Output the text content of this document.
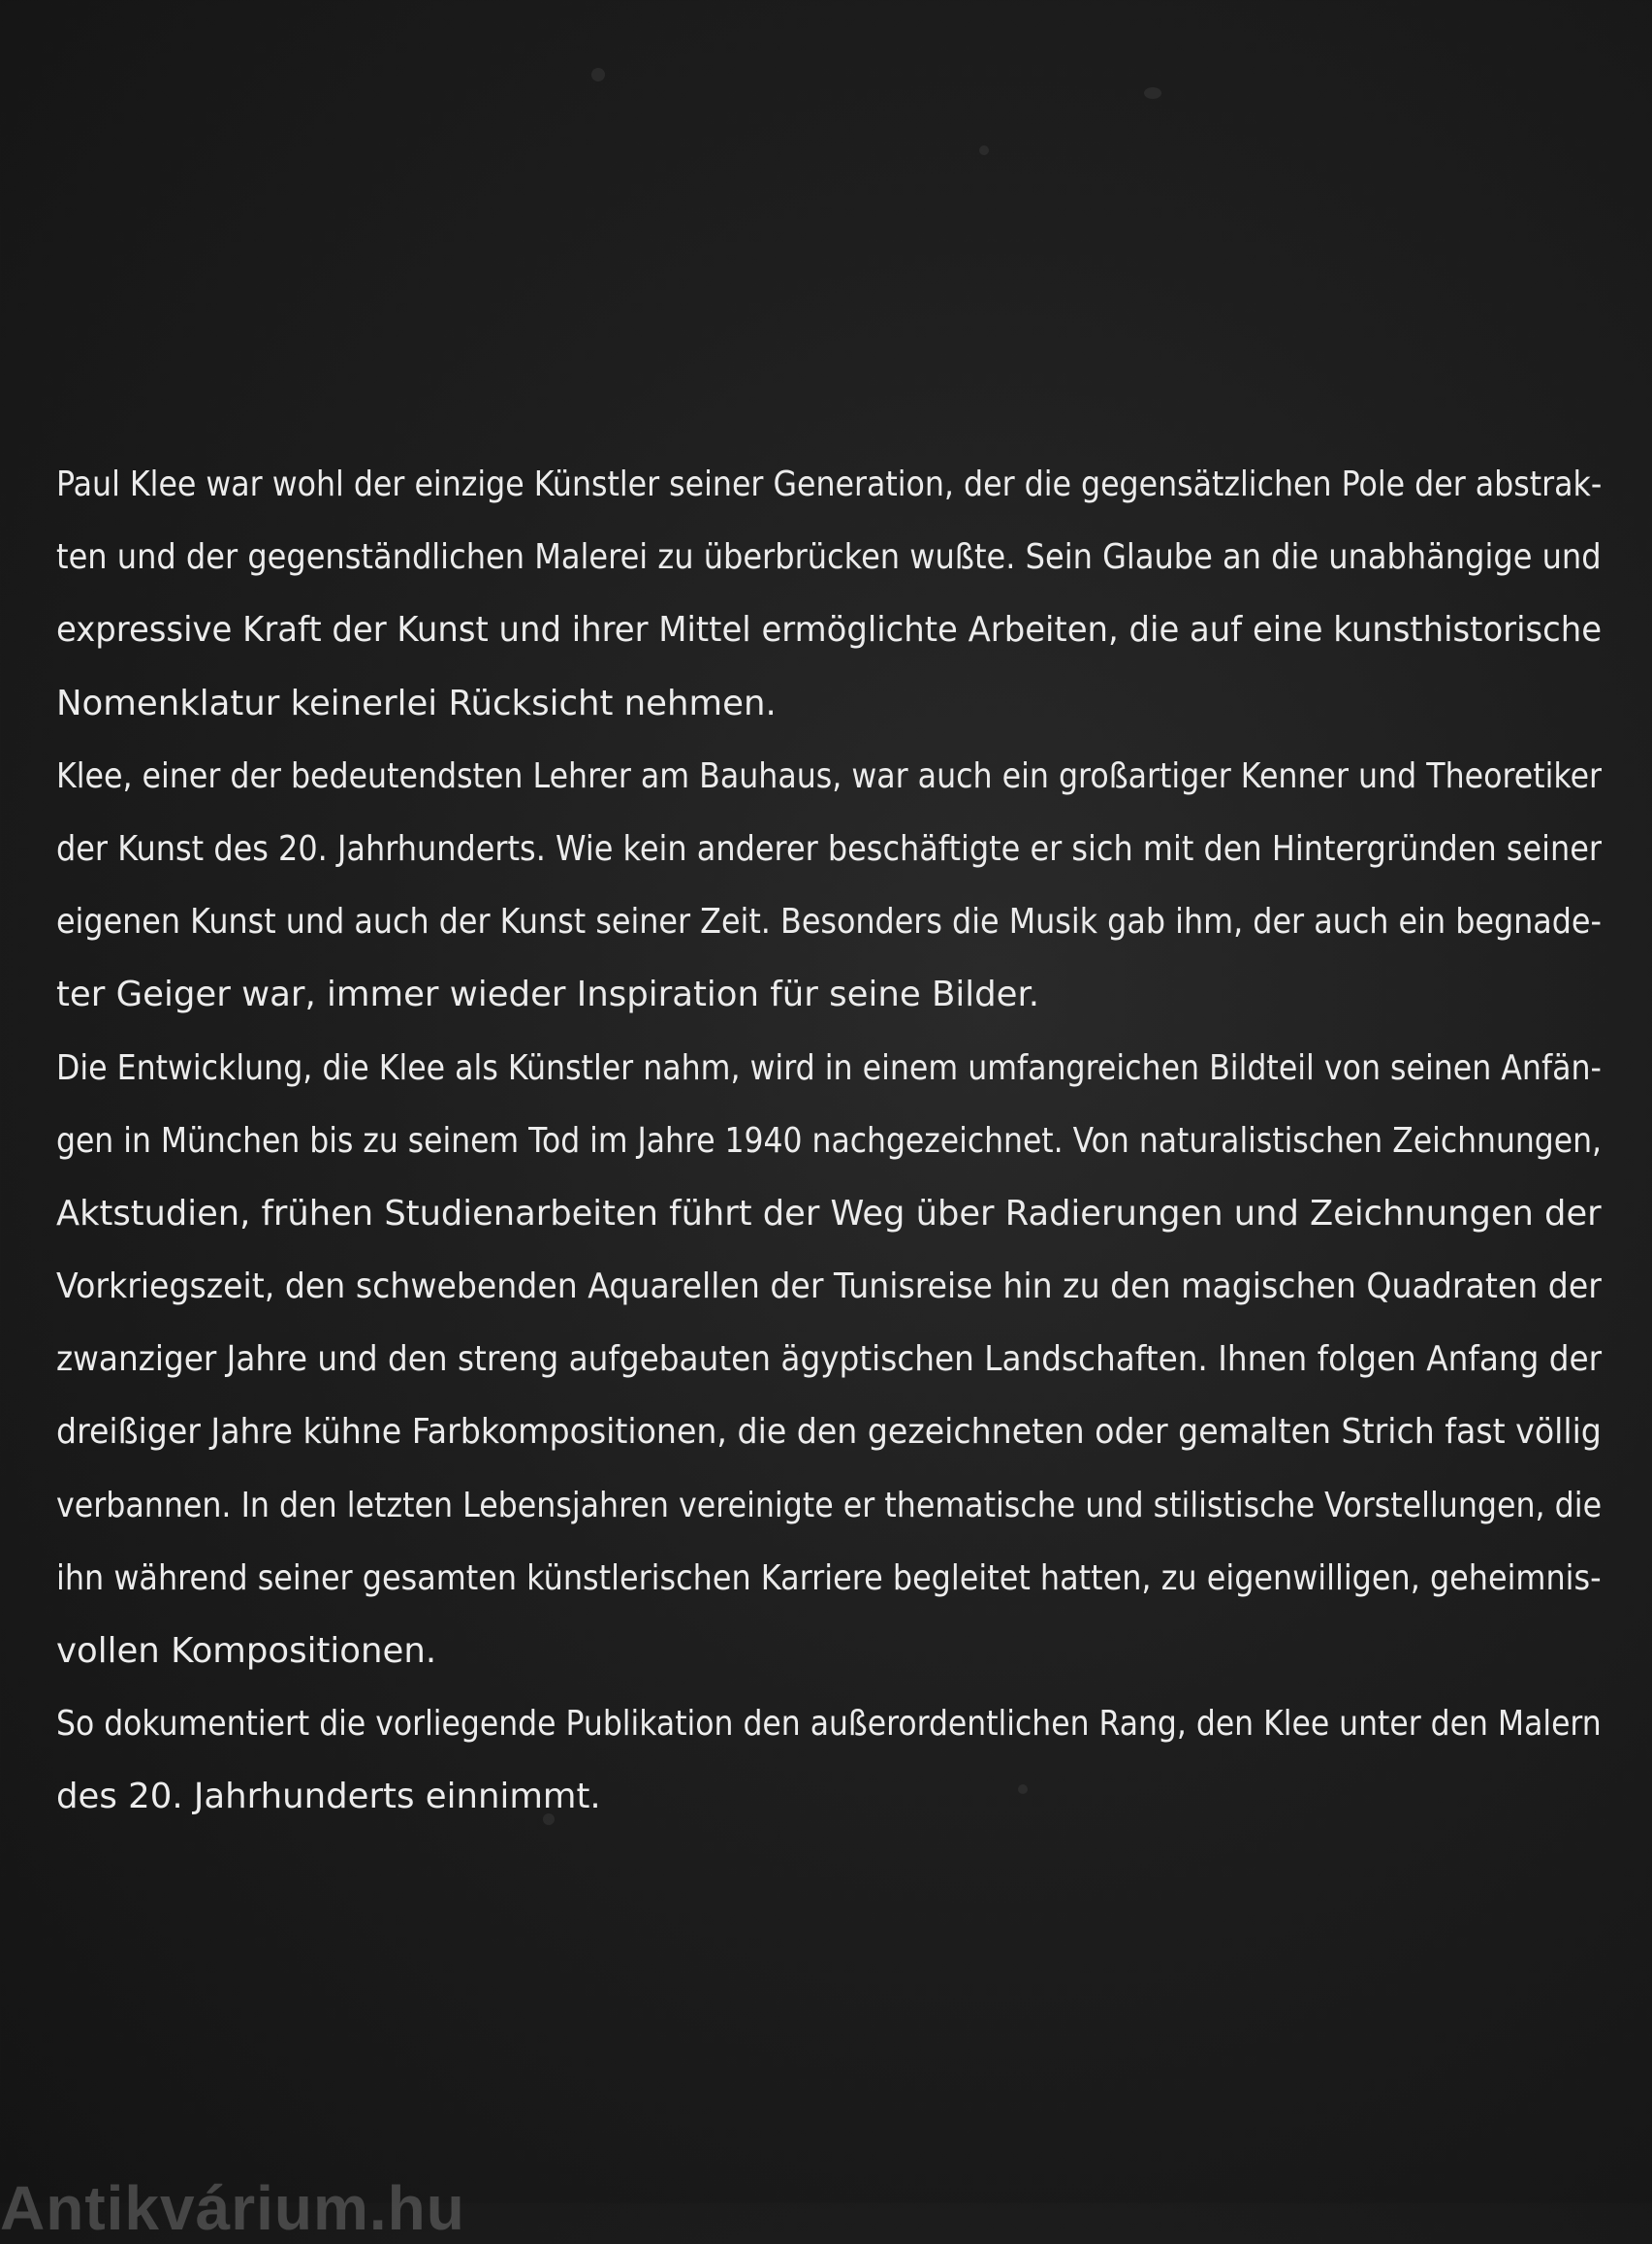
Paul Klee war wohl der einzige Künstler seiner Generation, der die gegensätzlichen Pole der abstrak-
ten und der gegenständlichen Malerei zu überbrücken wußte. Sein Glaube an die unabhängige und
expressive Kraft der Kunst und ihrer Mittel ermöglichte Arbeiten, die auf eine kunsthistorische
Nomenklatur keinerlei Rücksicht nehmen.
Klee, einer der bedeutendsten Lehrer am Bauhaus, war auch ein großartiger Kenner und Theoretiker
der Kunst des 20. Jahrhunderts. Wie kein anderer beschäftigte er sich mit den Hintergründen seiner
eigenen Kunst und auch der Kunst seiner Zeit. Besonders die Musik gab ihm, der auch ein begnade-
ter Geiger war, immer wieder Inspiration für seine Bilder.
Die Entwicklung, die Klee als Künstler nahm, wird in einem umfangreichen Bildteil von seinen Anfän-
gen in München bis zu seinem Tod im Jahre 1940 nachgezeichnet. Von naturalistischen Zeichnungen,
Aktstudien, frühen Studienarbeiten führt der Weg über Radierungen und Zeichnungen der
Vorkriegszeit, den schwebenden Aquarellen der Tunisreise hin zu den magischen Quadraten der
zwanziger Jahre und den streng aufgebauten ägyptischen Landschaften. Ihnen folgen Anfang der
dreißiger Jahre kühne Farbkompositionen, die den gezeichneten oder gemalten Strich fast völlig
verbannen. In den letzten Lebensjahren vereinigte er thematische und stilistische Vorstellungen, die
ihn während seiner gesamten künstlerischen Karriere begleitet hatten, zu eigenwilligen, geheimnis-
vollen Kompositionen.
So dokumentiert die vorliegende Publikation den außerordentlichen Rang, den Klee unter den Malern
des 20. Jahrhunderts einnimmt.
Antikvárium.hu
